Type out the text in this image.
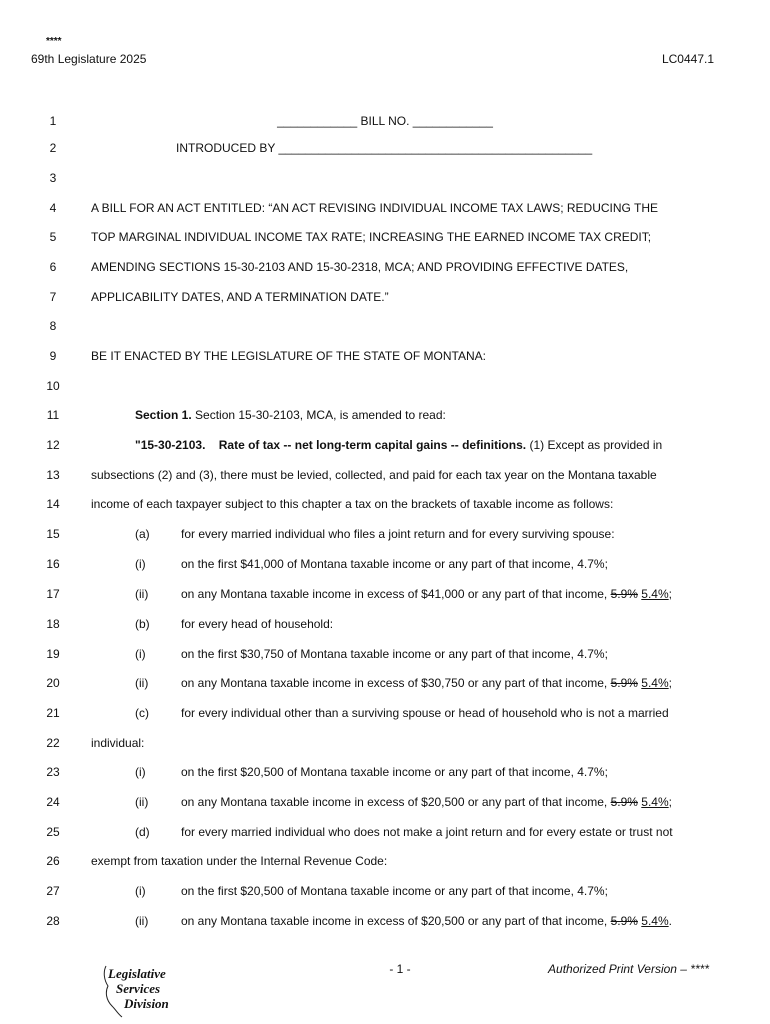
****
69th Legislature 2025	LC0447.1
1	____________ BILL NO. ____________
2	INTRODUCED BY _______________________________________________
3
4	A BILL FOR AN ACT ENTITLED: “AN ACT REVISING INDIVIDUAL INCOME TAX LAWS; REDUCING THE
5	TOP MARGINAL INDIVIDUAL INCOME TAX RATE; INCREASING THE EARNED INCOME TAX CREDIT;
6	AMENDING SECTIONS 15-30-2103 AND 15-30-2318, MCA; AND PROVIDING EFFECTIVE DATES,
7	APPLICABILITY DATES, AND A TERMINATION DATE.”
8
9	BE IT ENACTED BY THE LEGISLATURE OF THE STATE OF MONTANA:
10
11	Section 1. Section 15-30-2103, MCA, is amended to read:
12	"15-30-2103.    Rate of tax -- net long-term capital gains -- definitions. (1) Except as provided in
13	subsections (2) and (3), there must be levied, collected, and paid for each tax year on the Montana taxable
14	income of each taxpayer subject to this chapter a tax on the brackets of taxable income as follows:
15	(a)	for every married individual who files a joint return and for every surviving spouse:
16	(i)	on the first $41,000 of Montana taxable income or any part of that income, 4.7%;
17	(ii)	on any Montana taxable income in excess of $41,000 or any part of that income, 5.9% 5.4%;
18	(b)	for every head of household:
19	(i)	on the first $30,750 of Montana taxable income or any part of that income, 4.7%;
20	(ii)	on any Montana taxable income in excess of $30,750 or any part of that income, 5.9% 5.4%;
21	(c)	for every individual other than a surviving spouse or head of household who is not a married
22	individual:
23	(i)	on the first $20,500 of Montana taxable income or any part of that income, 4.7%;
24	(ii)	on any Montana taxable income in excess of $20,500 or any part of that income, 5.9% 5.4%;
25	(d)	for every married individual who does not make a joint return and for every estate or trust not
26	exempt from taxation under the Internal Revenue Code:
27	(i)	on the first $20,500 of Montana taxable income or any part of that income, 4.7%;
28	(ii)	on any Montana taxable income in excess of $20,500 or any part of that income, 5.9% 5.4%.
Legislative
Services
Division
- 1 -	Authorized Print Version – ****
